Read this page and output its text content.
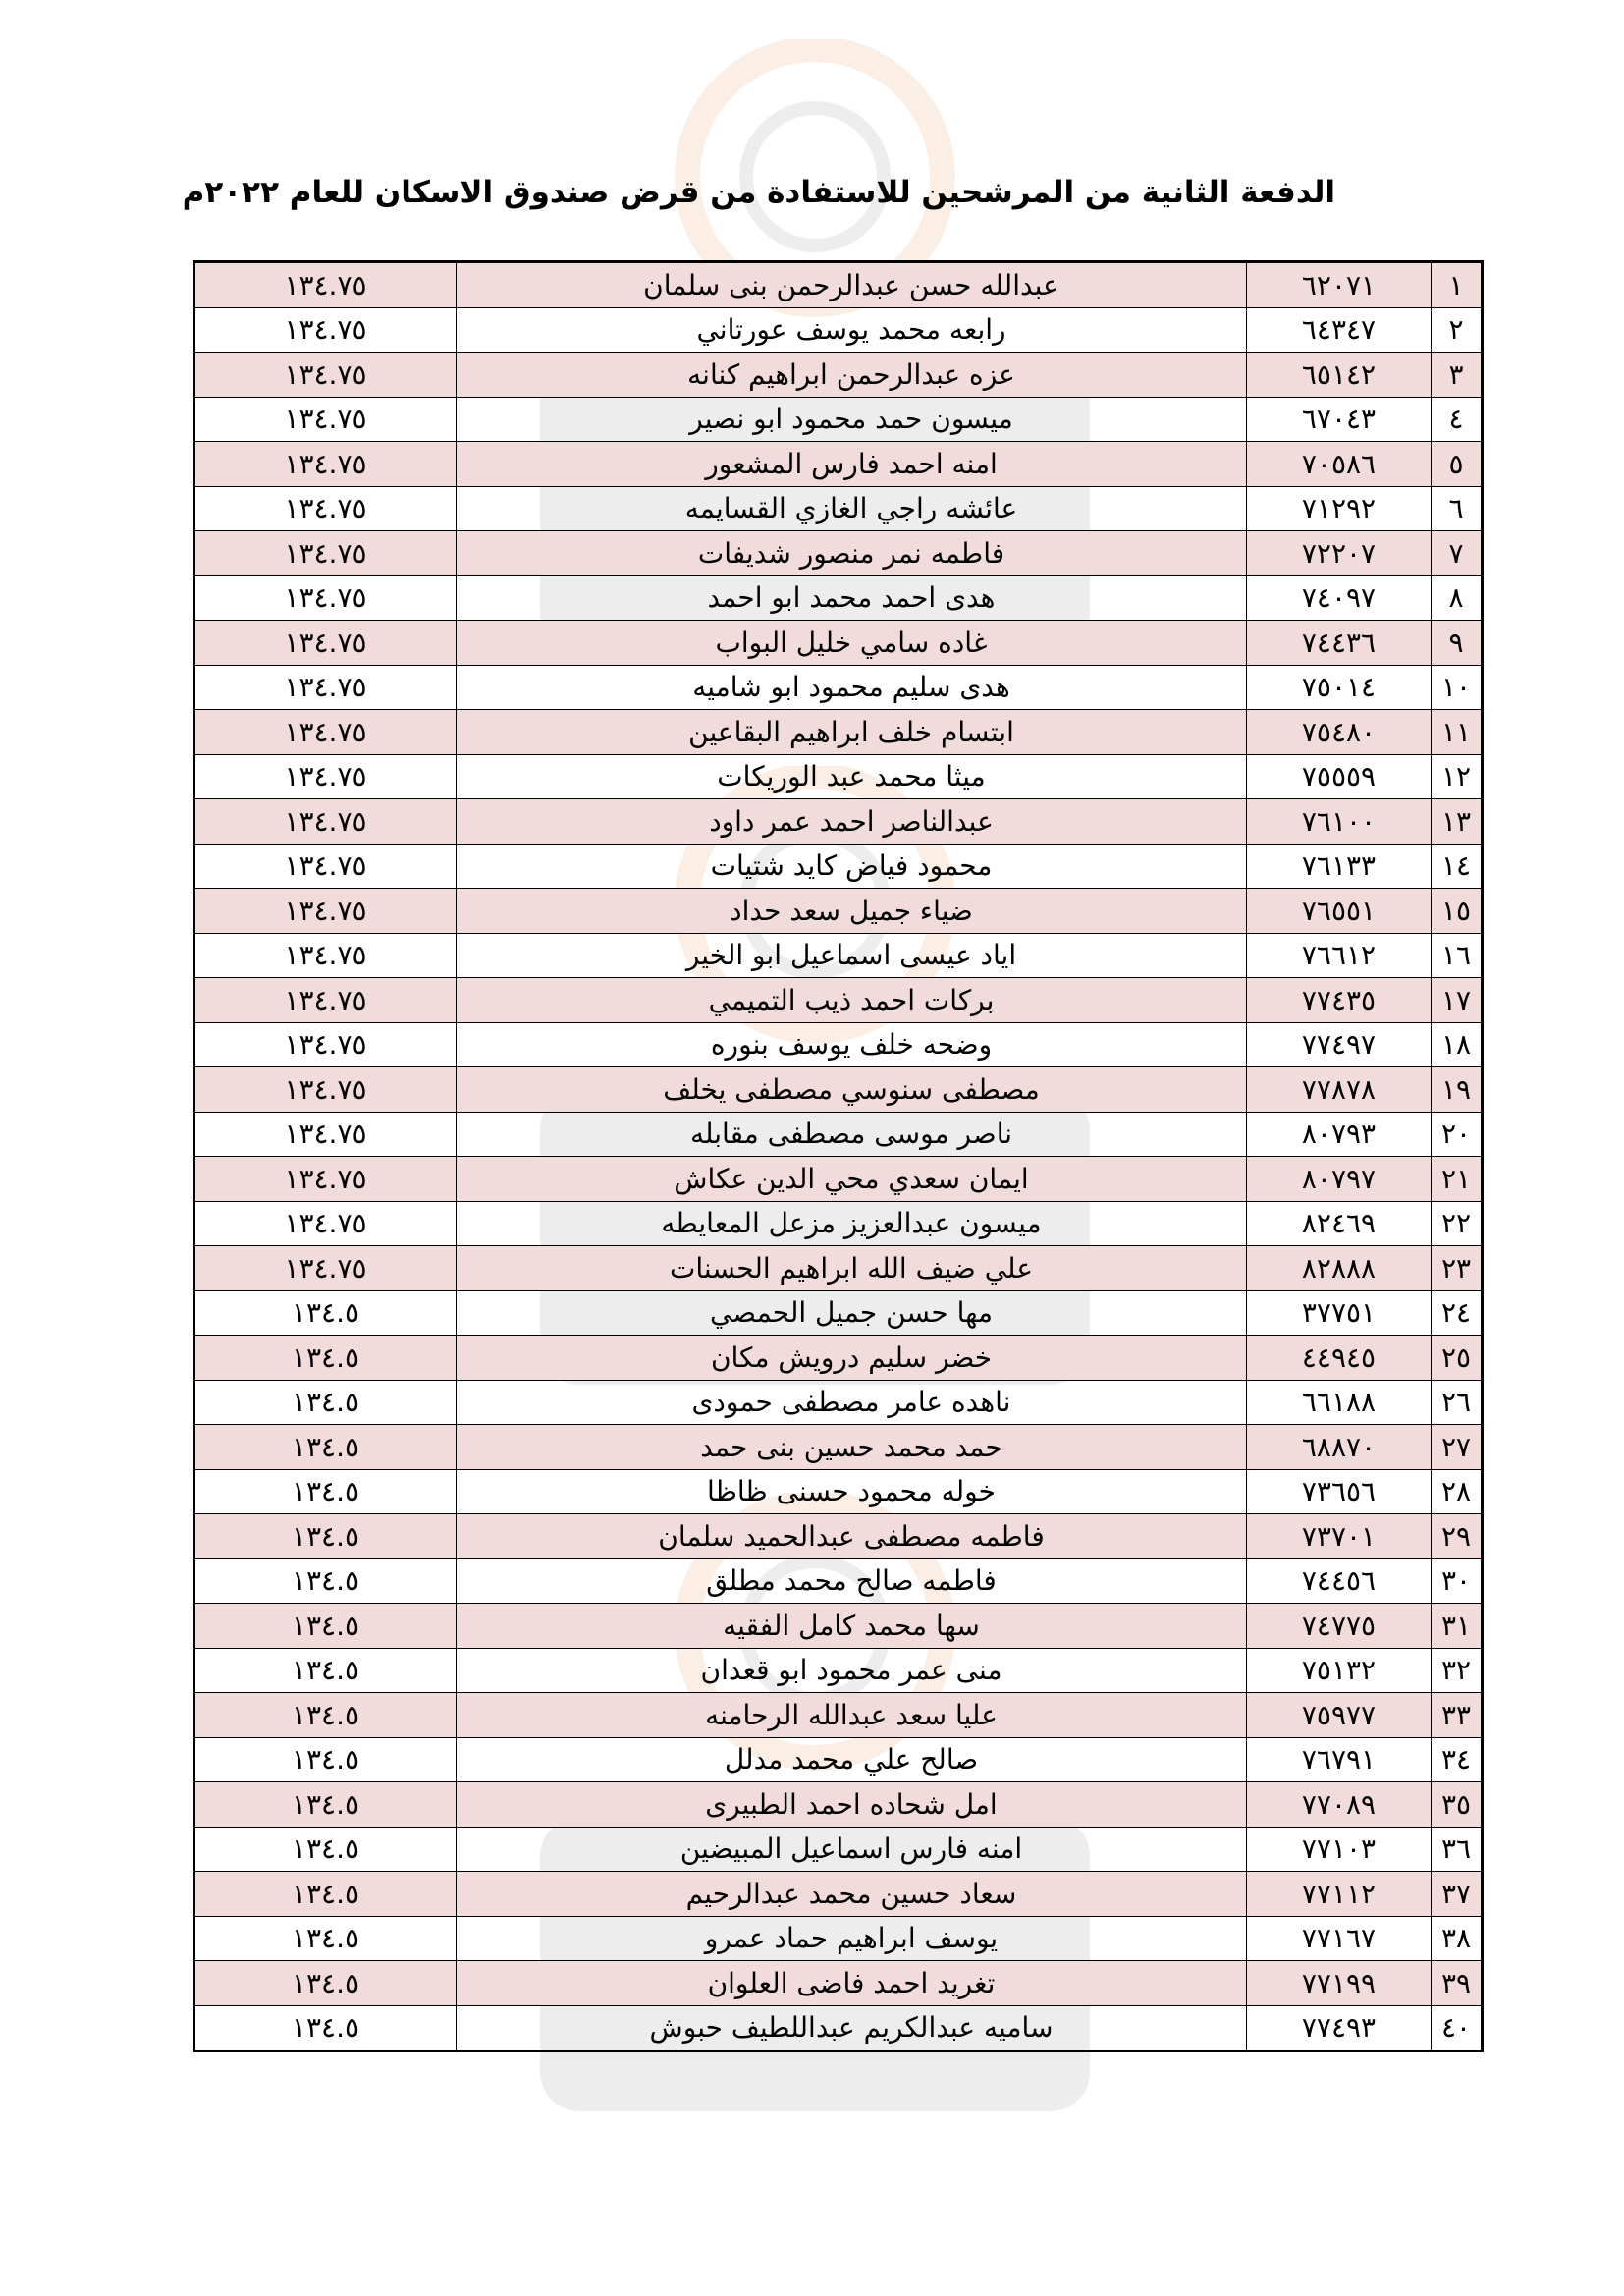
الدفعة الثانية من المرشحين للاستفادة من قرض صندوق الاسكان للعام ٢٠٢٢م
١	٦٢٠٧١	عبدالله حسن عبدالرحمن بنى سلمان	١٣٤.٧٥
٢	٦٤٣٤٧	رابعه محمد يوسف عورتاني	١٣٤.٧٥
٣	٦٥١٤٢	عزه عبدالرحمن ابراهيم كنانه	١٣٤.٧٥
٤	٦٧٠٤٣	ميسون حمد محمود ابو نصير	١٣٤.٧٥
٥	٧٠٥٨٦	امنه احمد فارس المشعور	١٣٤.٧٥
٦	٧١٢٩٢	عائشه راجي الغازي القسايمه	١٣٤.٧٥
٧	٧٢٢٠٧	فاطمه نمر منصور شديفات	١٣٤.٧٥
٨	٧٤٠٩٧	هدى احمد محمد ابو احمد	١٣٤.٧٥
٩	٧٤٤٣٦	غاده سامي خليل البواب	١٣٤.٧٥
١٠	٧٥٠١٤	هدى سليم محمود ابو شاميه	١٣٤.٧٥
١١	٧٥٤٨٠	ابتسام خلف ابراهيم البقاعين	١٣٤.٧٥
١٢	٧٥٥٥٩	ميثا محمد عبد الوريكات	١٣٤.٧٥
١٣	٧٦١٠٠	عبدالناصر احمد عمر داود	١٣٤.٧٥
١٤	٧٦١٣٣	محمود فياض كايد شتيات	١٣٤.٧٥
١٥	٧٦٥٥١	ضياء جميل سعد حداد	١٣٤.٧٥
١٦	٧٦٦١٢	اياد عيسى اسماعيل ابو الخير	١٣٤.٧٥
١٧	٧٧٤٣٥	بركات احمد ذيب التميمي	١٣٤.٧٥
١٨	٧٧٤٩٧	وضحه خلف يوسف بنوره	١٣٤.٧٥
١٩	٧٧٨٧٨	مصطفى سنوسي مصطفى يخلف	١٣٤.٧٥
٢٠	٨٠٧٩٣	ناصر موسى مصطفى مقابله	١٣٤.٧٥
٢١	٨٠٧٩٧	ايمان سعدي محي الدين عكاش	١٣٤.٧٥
٢٢	٨٢٤٦٩	ميسون عبدالعزيز مزعل المعايطه	١٣٤.٧٥
٢٣	٨٢٨٨٨	علي ضيف الله ابراهيم الحسنات	١٣٤.٧٥
٢٤	٣٧٧٥١	مها حسن جميل الحمصي	١٣٤.٥
٢٥	٤٤٩٤٥	خضر سليم درويش مكان	١٣٤.٥
٢٦	٦٦١٨٨	ناهده عامر مصطفى حمودى	١٣٤.٥
٢٧	٦٨٨٧٠	حمد محمد حسين بنى حمد	١٣٤.٥
٢٨	٧٣٦٥٦	خوله محمود حسنى ظاظا	١٣٤.٥
٢٩	٧٣٧٠١	فاطمه مصطفى عبدالحميد سلمان	١٣٤.٥
٣٠	٧٤٤٥٦	فاطمه صالح محمد مطلق	١٣٤.٥
٣١	٧٤٧٧٥	سها محمد كامل الفقيه	١٣٤.٥
٣٢	٧٥١٣٢	منى عمر محمود ابو قعدان	١٣٤.٥
٣٣	٧٥٩٧٧	عليا سعد عبدالله الرحامنه	١٣٤.٥
٣٤	٧٦٧٩١	صالح علي محمد مدلل	١٣٤.٥
٣٥	٧٧٠٨٩	امل شحاده احمد الطبيرى	١٣٤.٥
٣٦	٧٧١٠٣	امنه فارس اسماعيل المبيضين	١٣٤.٥
٣٧	٧٧١١٢	سعاد حسين محمد عبدالرحيم	١٣٤.٥
٣٨	٧٧١٦٧	يوسف ابراهيم حماد عمرو	١٣٤.٥
٣٩	٧٧١٩٩	تغريد احمد فاضى العلوان	١٣٤.٥
٤٠	٧٧٤٩٣	ساميه عبدالكريم عبداللطيف حبوش	١٣٤.٥
